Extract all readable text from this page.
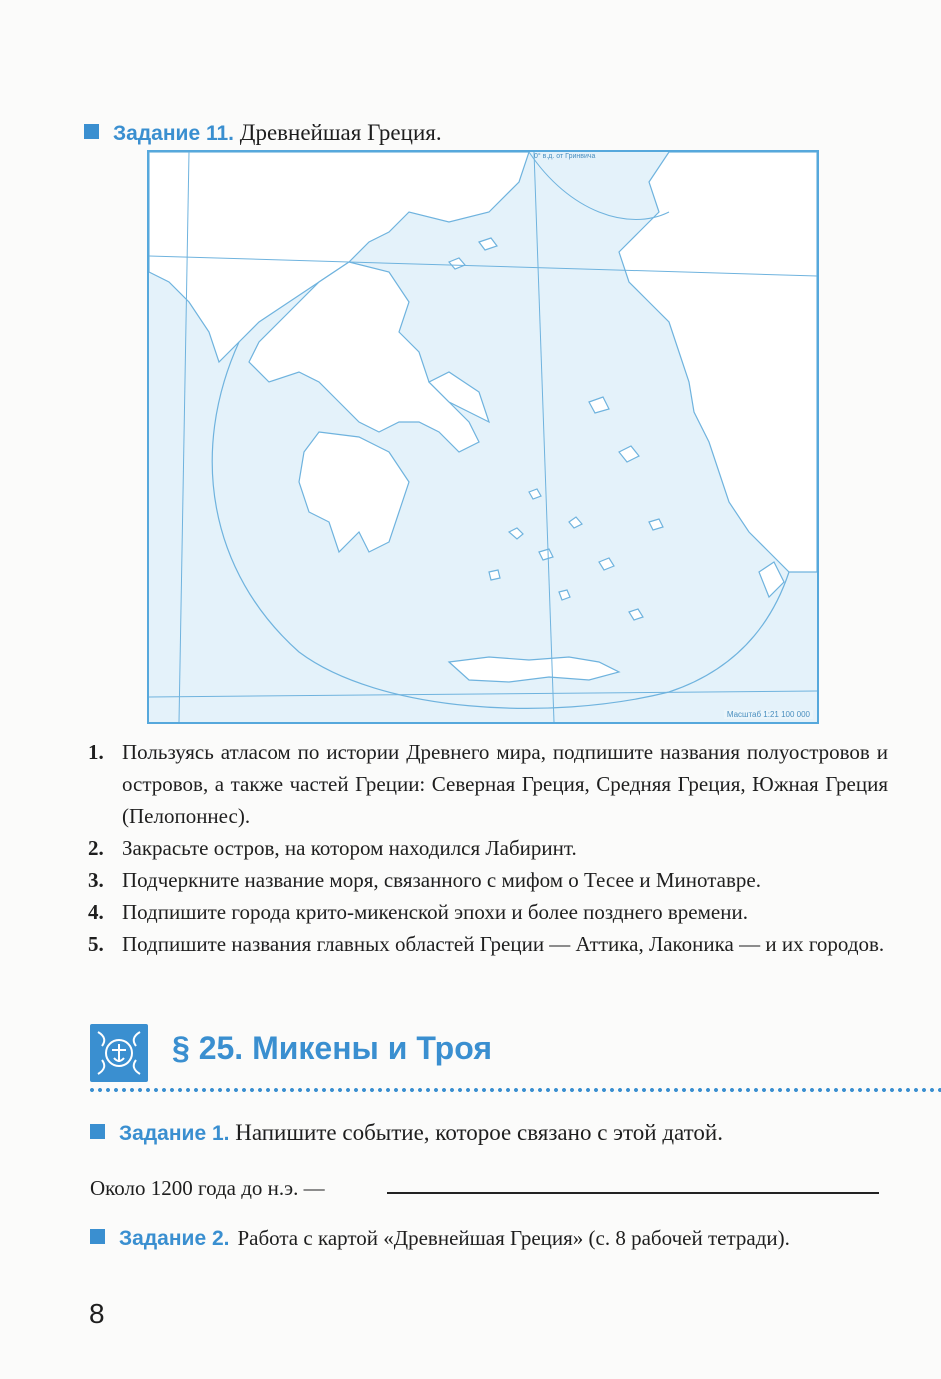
Задание 11. Древнейшая Греция.
0° в.д. от Гринвича
Масштаб 1:21 100 000
1. Пользуясь атласом по истории Древнего мира, подпишите названия полуостровов и островов, а также частей Греции: Северная Греция, Средняя Греция, Южная Греция (Пелопоннес).
2. Закрасьте остров, на котором находился Лабиринт.
3. Подчеркните название моря, связанного с мифом о Тесее и Минотавре.
4. Подпишите города крито-микенской эпохи и более позднего времени.
5. Подпишите названия главных областей Греции — Аттика, Лаконика — и их городов.
§ 25. Микены и Троя
Задание 1. Напишите событие, которое связано с этой датой.
Около 1200 года до н.э. —
Задание 2. Работа с картой «Древнейшая Греция» (с. 8 рабочей тетради).
8
